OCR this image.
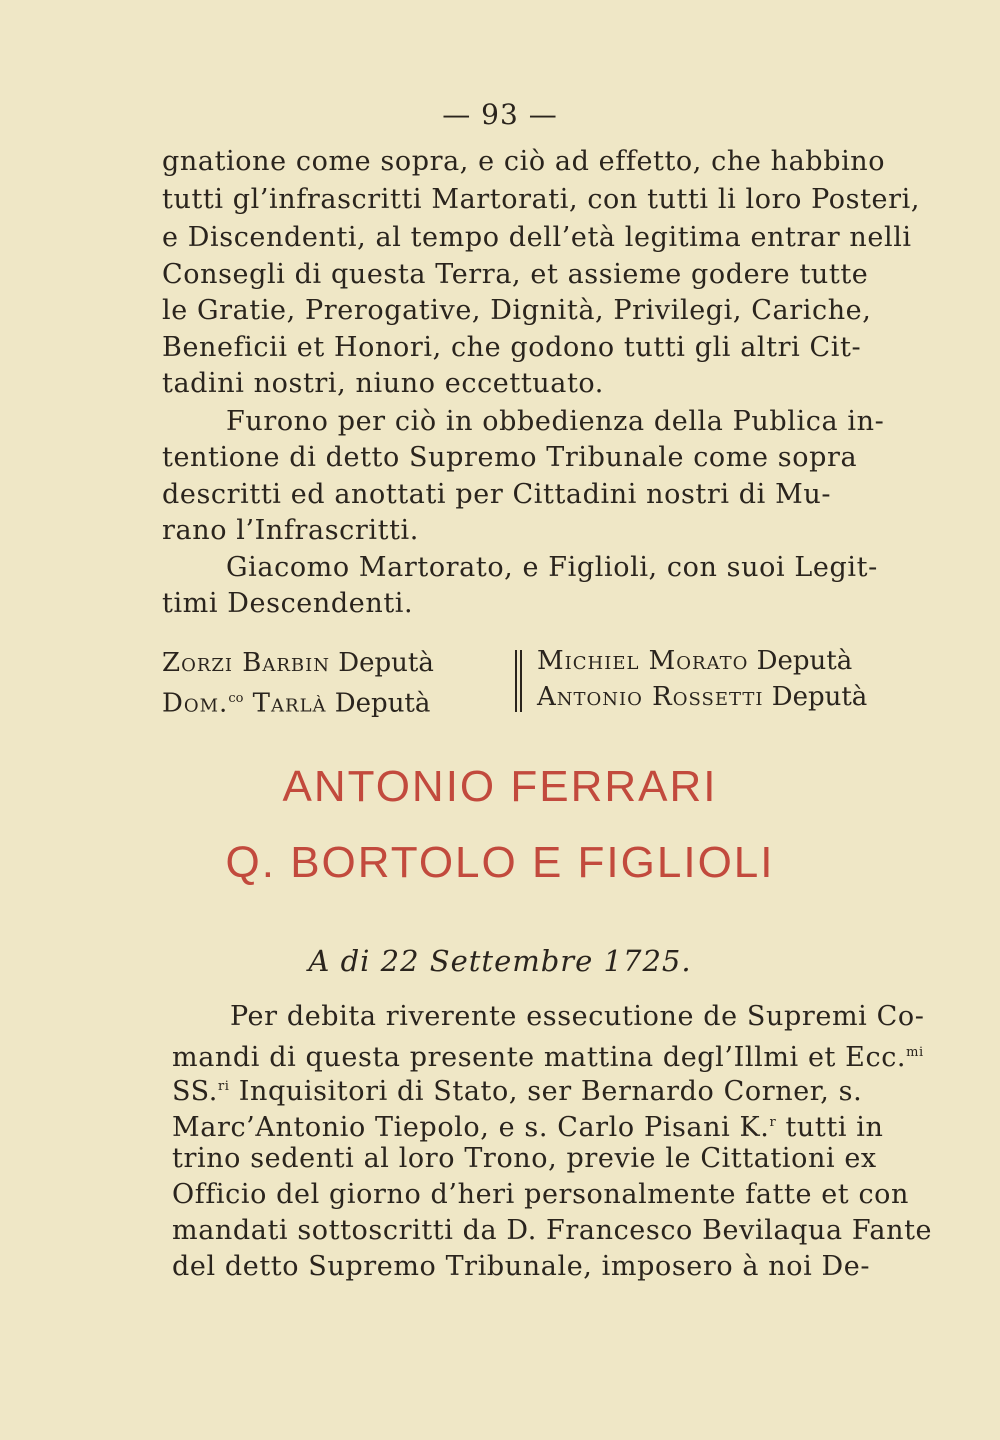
— 93 —
gnatione come sopra, e ciò ad effetto, che habbino
tutti gl’infrascritti Martorati, con tutti li loro Posteri,
e Discendenti, al tempo dell’età legitima entrar nelli
Consegli di questa Terra, et assieme godere tutte
le Gratie, Prerogative, Dignità, Privilegi, Cariche,
Beneficii et Honori, che godono tutti gli altri Cit-
tadini nostri, niuno eccettuato.
Furono per ciò in obbedienza della Publica in-
tentione di detto Supremo Tribunale come sopra
descritti ed anottati per Cittadini nostri di Mu-
rano l’Infrascritti.
Giacomo Martorato, e Figlioli, con suoi Legit-
timi Descendenti.
Zorzi Barbin Deputà
Dom.$^{co}$ Tarlà Deputà
Michiel Morato Deputà
Antonio Rossetti Deputà
ANTONIO FERRARI
Q. BORTOLO E FIGLIOLI
A di 22 Settembre 1725.
Per debita riverente essecutione de Supremi Co-
mandi di questa presente mattina degl’Illmi et Ecc.$^{mi}$
SS.$^{ri}$ Inquisitori di Stato, ser Bernardo Corner, s.
Marc’Antonio Tiepolo, e s. Carlo Pisani K.$^r$ tutti in
trino sedenti al loro Trono, previe le Cittationi ex
Officio del giorno d’heri personalmente fatte et con
mandati sottoscritti da D. Francesco Bevilaqua Fante
del detto Supremo Tribunale, imposero à noi De-
